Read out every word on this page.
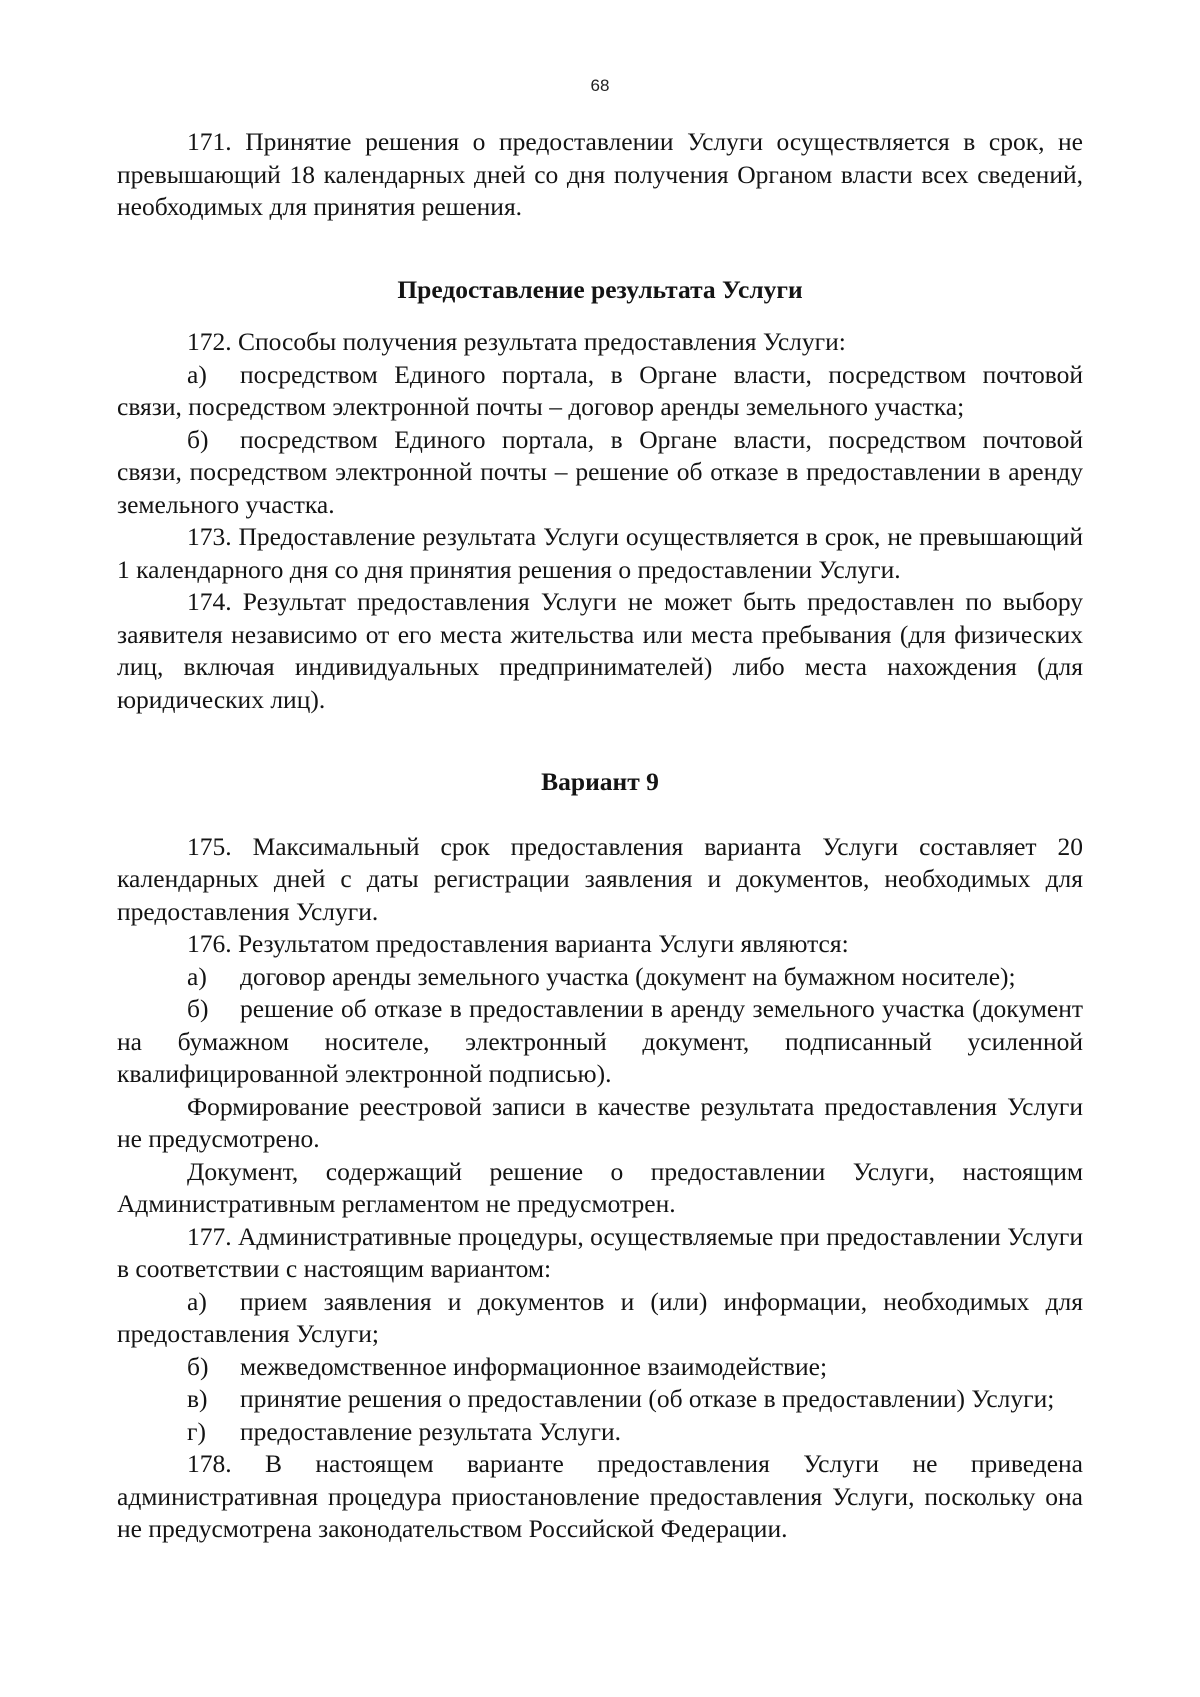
68

171. Принятие решения о предоставлении Услуги осуществляется в срок, не превышающий 18 календарных дней со дня получения Органом власти всех сведений, необходимых для принятия решения.

Предоставление результата Услуги

172. Способы получения результата предоставления Услуги:

а) посредством Единого портала, в Органе власти, посредством почтовой связи, посредством электронной почты – договор аренды земельного участка;

б) посредством Единого портала, в Органе власти, посредством почтовой связи, посредством электронной почты – решение об отказе в предоставлении в аренду земельного участка.

173. Предоставление результата Услуги осуществляется в срок, не превышающий 1 календарного дня со дня принятия решения о предоставлении Услуги.

174. Результат предоставления Услуги не может быть предоставлен по выбору заявителя независимо от его места жительства или места пребывания (для физических лиц, включая индивидуальных предпринимателей) либо места нахождения (для юридических лиц).

Вариант 9

175. Максимальный срок предоставления варианта Услуги составляет 20 календарных дней с даты регистрации заявления и документов, необходимых для предоставления Услуги.

176. Результатом предоставления варианта Услуги являются:

а) договор аренды земельного участка (документ на бумажном носителе);

б) решение об отказе в предоставлении в аренду земельного участка (документ на бумажном носителе, электронный документ, подписанный усиленной квалифицированной электронной подписью).

Формирование реестровой записи в качестве результата предоставления Услуги не предусмотрено.

Документ, содержащий решение о предоставлении Услуги, настоящим Административным регламентом не предусмотрен.

177. Административные процедуры, осуществляемые при предоставлении Услуги в соответствии с настоящим вариантом:

а) прием заявления и документов и (или) информации, необходимых для предоставления Услуги;

б) межведомственное информационное взаимодействие;

в) принятие решения о предоставлении (об отказе в предоставлении) Услуги;

г) предоставление результата Услуги.

178. В настоящем варианте предоставления Услуги не приведена административная процедура приостановление предоставления Услуги, поскольку она не предусмотрена законодательством Российской Федерации.
